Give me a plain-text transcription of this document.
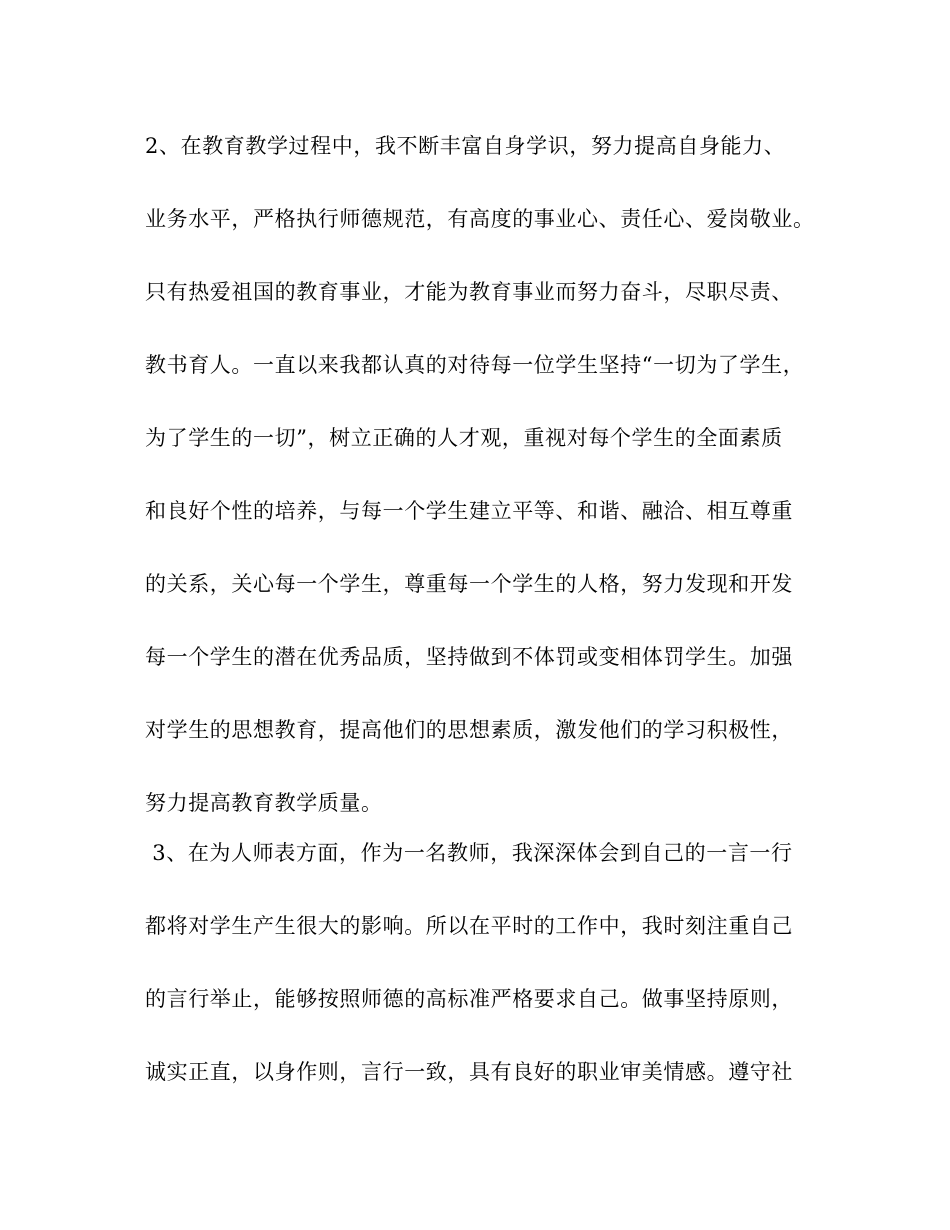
2、在教育教学过程中，我不断丰富自身学识，努力提高自身能力、
业务水平，严格执行师德规范，有高度的事业心、责任心、爱岗敬业。
只有热爱祖国的教育事业，才能为教育事业而努力奋斗，尽职尽责、
教书育人。一直以来我都认真的对待每一位学生坚持“一切为了学生，
为了学生的一切”，树立正确的人才观，重视对每个学生的全面素质
和良好个性的培养，与每一个学生建立平等、和谐、融洽、相互尊重
的关系，关心每一个学生，尊重每一个学生的人格，努力发现和开发
每一个学生的潜在优秀品质，坚持做到不体罚或变相体罚学生。加强
对学生的思想教育，提高他们的思想素质，激发他们的学习积极性，
努力提高教育教学质量。
3、在为人师表方面，作为一名教师，我深深体会到自己的一言一行
都将对学生产生很大的影响。所以在平时的工作中，我时刻注重自己
的言行举止，能够按照师德的高标准严格要求自己。做事坚持原则，
诚实正直，以身作则，言行一致，具有良好的职业审美情感。遵守社
